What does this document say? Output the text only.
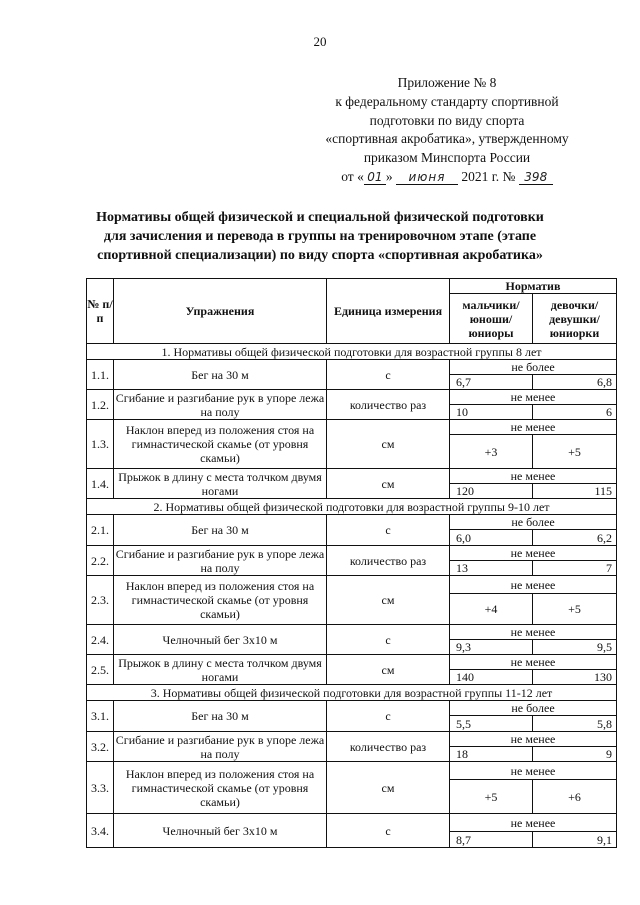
20
Приложение № 8
к федеральному стандарту спортивной
подготовки по виду спорта
«спортивная акробатика», утвержденному
приказом Минспорта России
от « 01 » июня 2021 г. № 398
Нормативы общей физической и специальной физической подготовки
для зачисления и перевода в группы на тренировочном этапе (этапе
спортивной специализации) по виду спорта «спортивная акробатика»
№ п/п	Упражнения	Единица измерения	Норматив	
			мальчики/ юноши/ юниоры	девочки/ девушки/ юниорки
1. Нормативы общей физической подготовки для возрастной группы 8 лет				
1.1.	Бег на 30 м	с	не более	
			6,7	6,8
1.2.	Сгибание и разгибание рук в упоре лежа на полу	количество раз	не менее	
			10	6
1.3.	Наклон вперед из положения стоя на гимнастической скамье (от уровня скамьи)	см	не менее	
			+3	+5
1.4.	Прыжок в длину с места толчком двумя ногами	см	не менее	
			120	115
2. Нормативы общей физической подготовки для возрастной группы 9-10 лет				
2.1.	Бег на 30 м	с	не более	
			6,0	6,2
2.2.	Сгибание и разгибание рук в упоре лежа на полу	количество раз	не менее	
			13	7
2.3.	Наклон вперед из положения стоя на гимнастической скамье (от уровня скамьи)	см	не менее	
			+4	+5
2.4.	Челночный бег 3х10 м	с	не менее	
			9,3	9,5
2.5.	Прыжок в длину с места толчком двумя ногами	см	не менее	
			140	130
3. Нормативы общей физической подготовки для возрастной группы 11-12 лет				
3.1.	Бег на 30 м	с	не более	
			5,5	5,8
3.2.	Сгибание и разгибание рук в упоре лежа на полу	количество раз	не менее	
			18	9
3.3.	Наклон вперед из положения стоя на гимнастической скамье (от уровня скамьи)	см	не менее	
			+5	+6
3.4.	Челночный бег 3х10 м	с	не менее	
			8,7	9,1
